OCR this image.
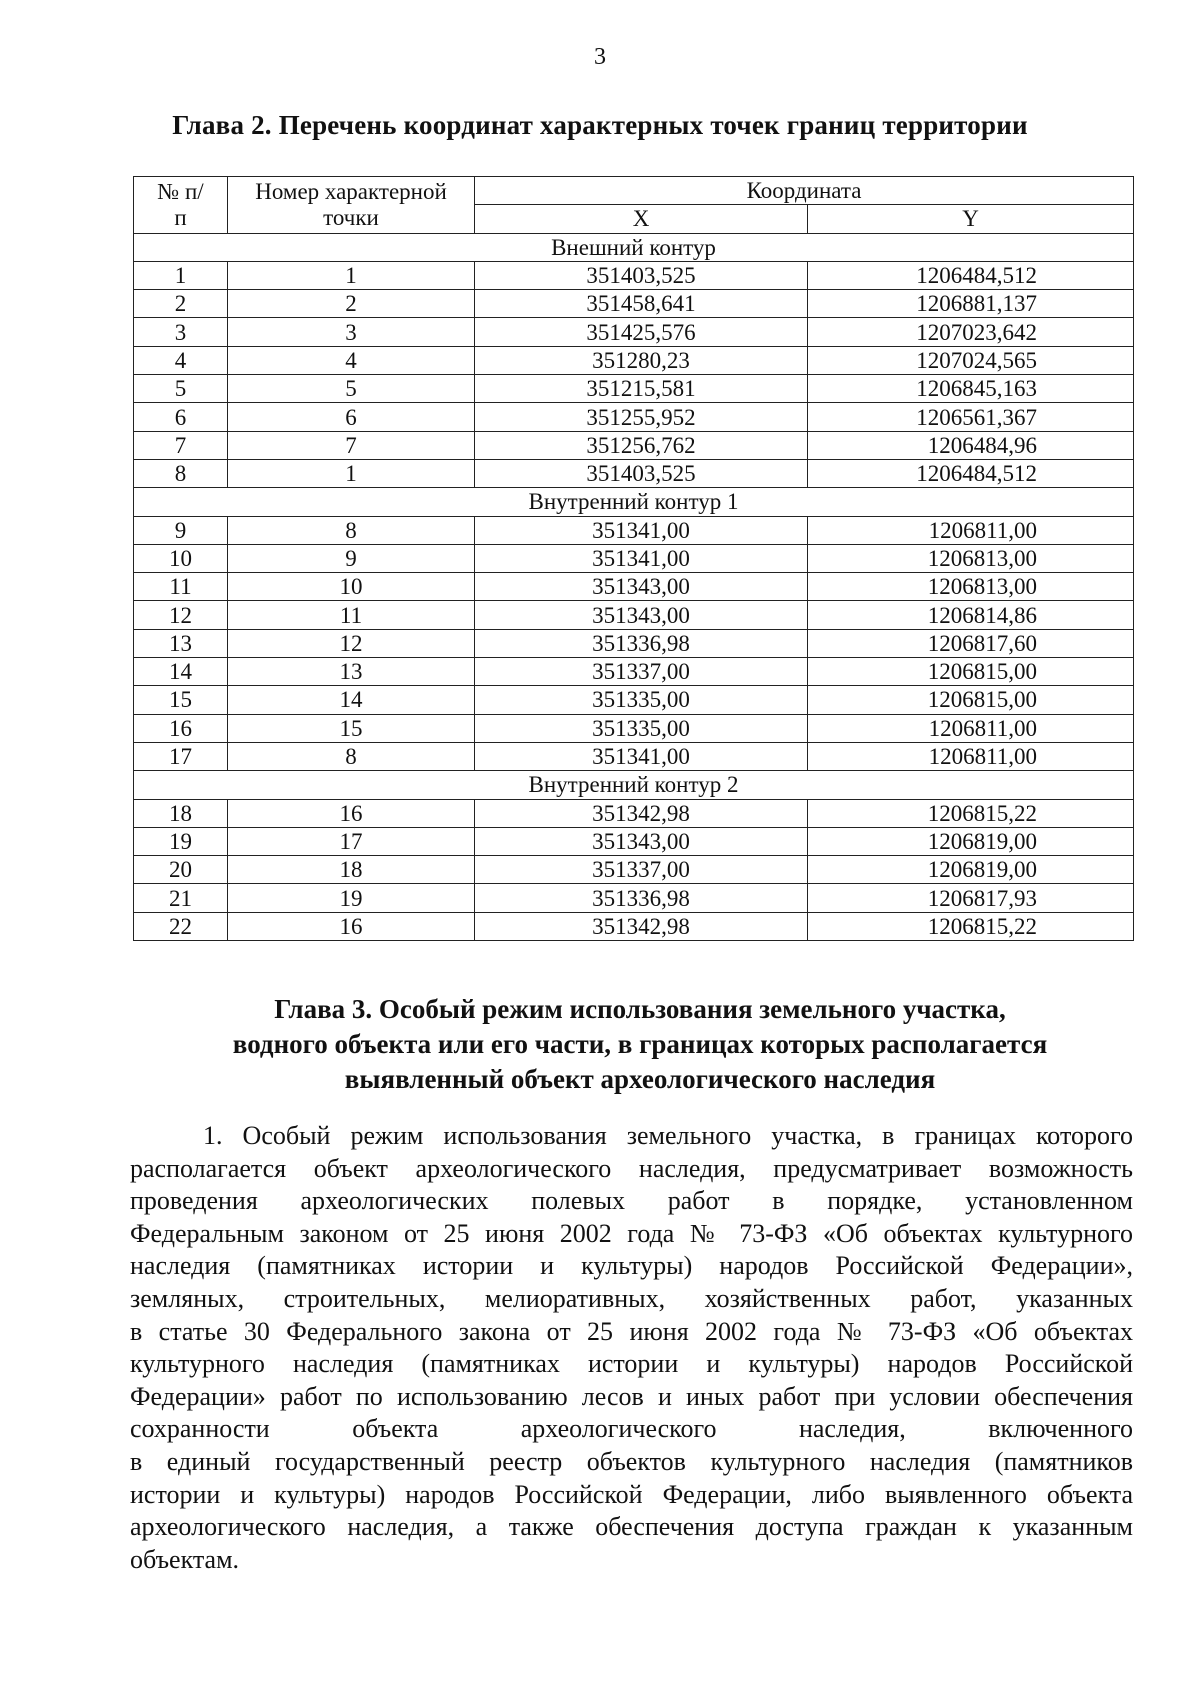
3
Глава 2. Перечень координат характерных точек границ территории
№ п/п	Номер характерной точки	Координата	
		X	Y
Внешний контур			
1	1	351403,525	1206484,512
2	2	351458,641	1206881,137
3	3	351425,576	1207023,642
4	4	351280,23	1207024,565
5	5	351215,581	1206845,163
6	6	351255,952	1206561,367
7	7	351256,762	1206484,96
8	1	351403,525	1206484,512
Внутренний контур 1			
9	8	351341,00	1206811,00
10	9	351341,00	1206813,00
11	10	351343,00	1206813,00
12	11	351343,00	1206814,86
13	12	351336,98	1206817,60
14	13	351337,00	1206815,00
15	14	351335,00	1206815,00
16	15	351335,00	1206811,00
17	8	351341,00	1206811,00
Внутренний контур 2			
18	16	351342,98	1206815,22
19	17	351343,00	1206819,00
20	18	351337,00	1206819,00
21	19	351336,98	1206817,93
22	16	351342,98	1206815,22
Глава 3. Особый режим использования земельного участка,
водного объекта или его части, в границах которых располагается
выявленный объект археологического наследия
1. Особый режим использования земельного участка, в границах которого
располагается объект археологического наследия, предусматривает возможность
проведения археологических полевых работ в порядке, установленном
Федеральным законом от 25 июня 2002 года № 73-ФЗ «Об объектах культурного
наследия (памятниках истории и культуры) народов Российской Федерации»,
земляных, строительных, мелиоративных, хозяйственных работ, указанных
в статье 30 Федерального закона от 25 июня 2002 года № 73-ФЗ «Об объектах
культурного наследия (памятниках истории и культуры) народов Российской
Федерации» работ по использованию лесов и иных работ при условии обеспечения
сохранности объекта археологического наследия, включенного
в единый государственный реестр объектов культурного наследия (памятников
истории и культуры) народов Российской Федерации, либо выявленного объекта
археологического наследия, а также обеспечения доступа граждан к указанным
объектам.
